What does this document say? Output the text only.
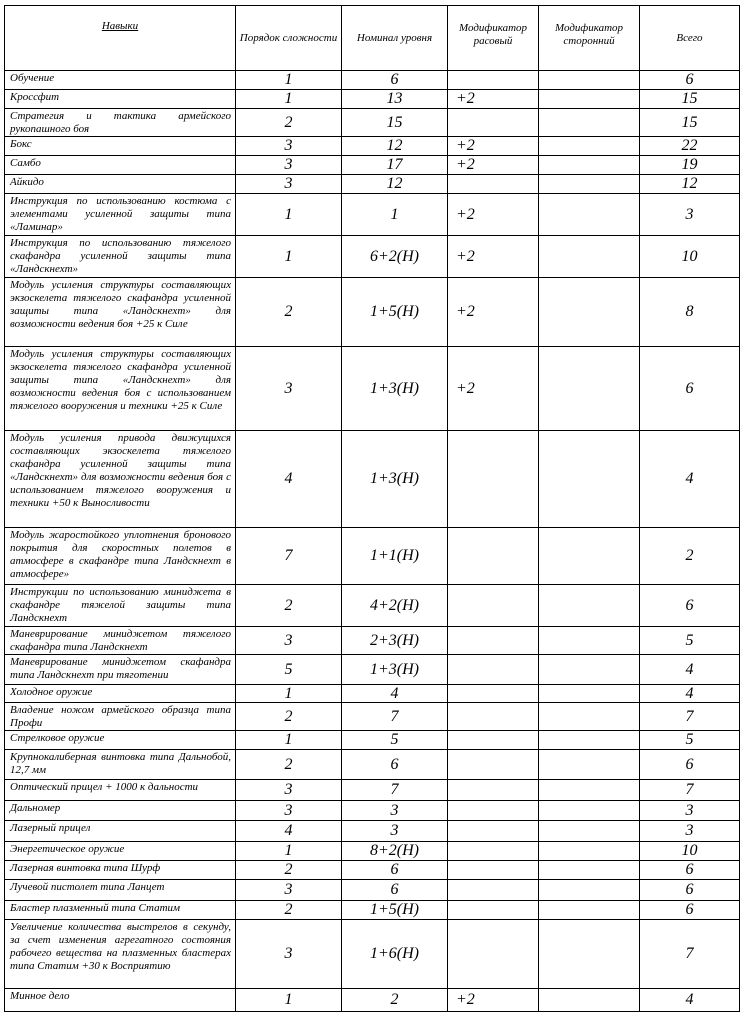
Навыки	Порядок сложности	Номинал уровня	Модификатор расовый	Модификатор сторонний	Всего
Обучение	1	6			6
Кроссфит	1	13	+2		15
Стратегия и тактика армейского рукопашного боя	2	15			15
Бокс	3	12	+2		22
Самбо	3	17	+2		19
Айкидо	3	12			12
Инструкция по использованию костюма с элементами усиленной защиты типа «Ламинар»	1	1	+2		3
Инструкция по использованию тяжелого скафандра усиленной защиты типа «Ландскнехт»	1	6+2(Н)	+2		10
Модуль усиления структуры составляющих экзоскелета тяжелого скафандра усиленной защиты типа «Ландскнехт» для возможности ведения боя +25 к Силе	2	1+5(Н)	+2		8
Модуль усиления структуры составляющих экзоскелета тяжелого скафандра усиленной защиты типа «Ландскнехт» для возможности ведения боя с использованием тяжелого вооружения и техники +25 к Силе	3	1+3(Н)	+2		6
Модуль усиления привода движущихся составляющих экзоскелета тяжелого скафандра усиленной защиты типа «Ландскнехт» для возможности ведения боя с использованием тяжелого вооружения и техники +50 к Выносливости	4	1+3(Н)			4
Модуль жаростойкого уплотнения бронового покрытия для скоростных полетов в атмосфере в скафандре типа Ландскнехт в атмосфере»	7	1+1(Н)			2
Инструкции по использованию миниджета в скафандре тяжелой защиты типа Ландскнехт	2	4+2(Н)			6
Маневрирование миниджетом тяжелого скафандра типа Ландскнехт	3	2+3(Н)			5
Маневрирование миниджетом скафандра типа Ландскнехт при тяготении	5	1+3(Н)			4
Холодное оружие	1	4			4
Владение ножом армейского образца типа Профи	2	7			7
Стрелковое оружие	1	5			5
Крупнокалиберная винтовка типа Дальнобой, 12,7 мм	2	6			6
Оптический прицел + 1000 к дальности	3	7			7
Дальномер	3	3			3
Лазерный прицел	4	3			3
Энергетическое оружие	1	8+2(Н)			10
Лазерная винтовка типа Шурф	2	6			6
Лучевой пистолет типа Ланцет	3	6			6
Бластер плазменный типа Статим	2	1+5(Н)			6
Увеличение количества выстрелов в секунду, за счет изменения агрегатного состояния рабочего вещества на плазменных бластерах типа Статим +30 к Восприятию	3	1+6(Н)			7
Минное дело	1	2	+2		4
